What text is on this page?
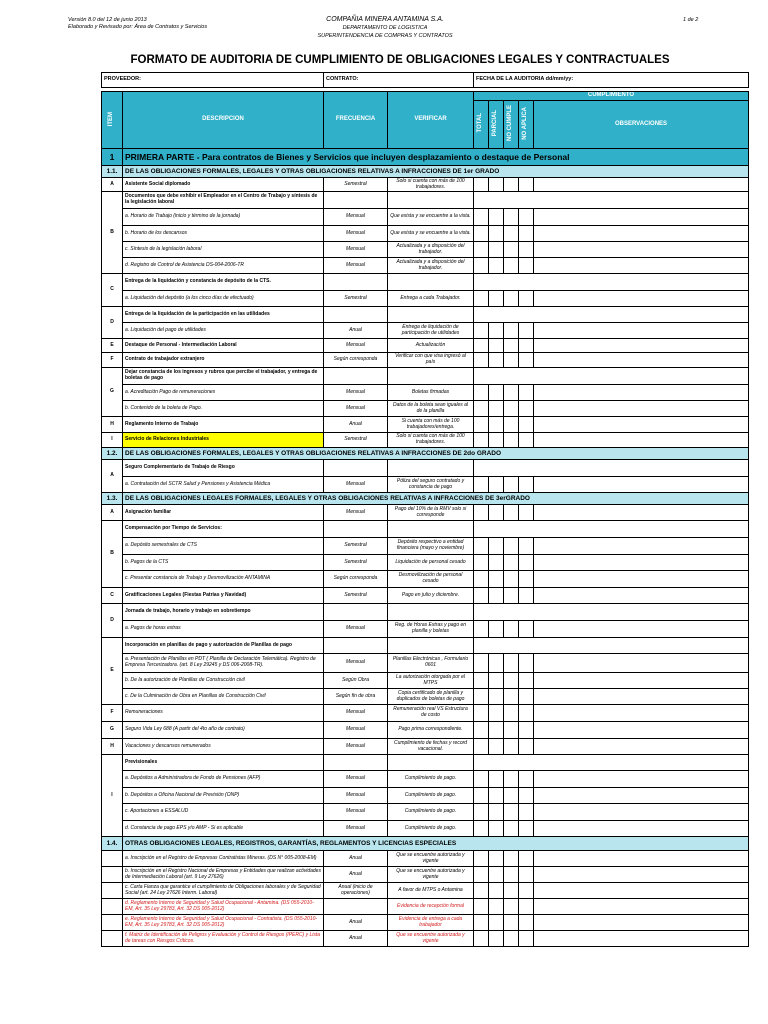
Versión 8.0 del 12 de junio 2013
Elaborado y Revisado por: Área de Contratos y Servicios
COMPAÑIA MINERA ANTAMINA S.A.
DEPARTAMENTO DE LOGISTICA
SUPERINTENDENCIA DE COMPRAS Y CONTRATOS
1 de 2
FORMATO DE AUDITORIA DE CUMPLIMIENTO DE OBLIGACIONES LEGALES Y CONTRACTUALES
PROVEEDOR:		CONTRATO:		FECHA DE LA AUDITORIA dd/mm/yy:				

ITEM	DESCRIPCION	FRECUENCIA	VERIFICAR	CUMPLIMIENTO				
				TOTAL	PARCIAL	NO CUMPLE	NO APLICA	OBSERVACIONES
1	PRIMERA PARTE - Para contratos de Bienes y Servicios que incluyen desplazamiento o destaque de Personal							
1.1.	DE LAS OBLIGACIONES FORMALES, LEGALES Y OTRAS OBLIGACIONES RELATIVAS A INFRACCIONES DE 1er GRADO							
A	Asistente Social diplomado	Semestral	Solo si cuenta con más de 100 trabajadores.					
B	Documentos que debe exhibir el Empleador en el Centro de Trabajo y síntesis de la legislación laboral							
	a. Horario de Trabajo (inicio y término de la jornada)	Mensual	Que exista y se encuentre a la vista.					
	b. Horario de los descansos	Mensual	Que exista y se encuentre a la vista.					
	c. Síntesis de la legislación laboral	Mensual	Actualizada y a disposición del trabajador.					
	d. Registro de Control de Asistencia DS-004-2006-TR	Mensual	Actualizada y a disposición del trabajador.					
C	Entrega de la liquidación y constancia de depósito de la CTS.							
	a. Liquidación del depósito (a los cinco días de efectuado)	Semestral	Entrega a cada Trabajador.					
D	Entrega de la liquidación de la participación en las utilidades							
	a. Liquidación del pago de utilidades	Anual	Entrega de liquidación de participación de utilidades					
E	Destaque de Personal - Intermediación Laboral	Mensual	Actualización					
F	Contrato de trabajador extranjero	Según corresponda	Verificar con que visa ingresó al país					
G	Dejar constancia de los ingresos y rubros que percibe el trabajador, y entrega de boletas de pago							
	a. Acreditación Pago de remuneraciones	Mensual	Boletas firmadas					
	b. Contenido de la boleta de Pago.	Mensual	Datos de la boleta sean iguales al de la planilla					
H	Reglamento Interno de Trabajo	Anual	Si cuenta con más de 100 trabajadores/entrega.					
I	Servicio de Relaciones Industriales	Semestral	Solo si cuenta con más de 100 trabajadores.					
1.2.	DE LAS OBLIGACIONES FORMALES, LEGALES Y OTRAS OBLIGACIONES RELATIVAS A INFRACCIONES DE 2do GRADO							
A	Seguro Complementario de Trabajo de Riesgo							
	a. Contratación del SCTR Salud y Pensiones y Asistencia Médica	Mensual	Póliza del seguro contratado y constancia de pago					
1.3.	DE LAS OBLIGACIONES LEGALES FORMALES, LEGALES Y OTRAS OBLIGACIONES RELATIVAS A INFRACCIONES DE 3erGRADO							
A	Asignación familiar	Mensual	Pago del 10% de la RMV solo si corresponde					
B	Compensación por Tiempo de Servicios:							
	a. Depósito semestrales de CTS	Semestral	Depósito respectivo a entidad financiera (mayo y noviembre)					
	b. Pagos de la CTS	Semestral	Liquidación de personal cesado					
	c. Presentar constancia de Trabajo y Desmovilización ANTAMINA	Según corresponda	Desmovilización de personal cesado					
C	Gratificaciones Legales (Fiestas Patrias y Navidad)	Semestral	Pago en julio y diciembre.					
D	Jornada de trabajo, horario y trabajo en sobretiempo							
	a. Pagos de horas extras	Mensual	Reg. de Horas Extras y pago en planilla y boletas					
E	Incorporación en planillas de pago y autorización de Planillas de pago							
	a. Presentación de Planillas en PDT ( Planilla de Declaración Telemática). Registro de Empresa Tercerizadora. (art. 8 Ley 29245 y DS 006-2008-TR).	Mensual	Planillas Electrónicas , Formulario 0601					
	b. De la autorización de Planillas de Construcción civil	Según Obra	La autorización otorgada por el MTPS					
	c. De la Culminación de Obra en Planillas de Construcción Civil	Según fin de obra	Copia certificado de planilla y duplicados de boletas de pago					
F	Remuneraciones	Mensual	Remuneración real VS Estructura de costo					
G	Seguro Vida Ley 688 (A partir del 4to año de contrato)	Mensual	Pago prima correspondiente.					
H	Vacaciones y descansos remunerados	Mensual	Cumplimiento de fechas y record vacacional.					
I	Previsionales							
	a. Depósitos a Administradora de Fondo de Pensiones (AFP)	Mensual	Cumplimiento de pago.					
	b. Depósitos a Oficina Nacional de Previsión (ONP)	Mensual	Cumplimiento de pago.					
	c. Aportaciones a ESSALUD	Mensual	Cumplimiento de pago.					
	d. Constancia de pago EPS y/o AMP - Si es aplicable	Mensual	Cumplimiento de pago.					
1.4.	OTRAS OBLIGACIONES LEGALES, REGISTROS, GARANTÍAS, REGLAMENTOS Y LICENCIAS ESPECIALES							
	a. Inscripción en el Registro de Empresas Contratistas Mineras. (DS N° 005-2008-EM)	Anual	Que se encuentre autorizada y vigente					
	b. Inscripción en el Registro Nacional de Empresas y Entidades que realizan actividades de Intermediación Laboral (art. 9 Ley 27626)	Anual	Que se encuentre autorizada y vigente					
	c. Carta Fianza que garantice el cumplimiento de Obligaciones laborales y de Seguridad Social (art. 24 Ley 27626 Interm. Laboral)	Anual (inicio de operaciones)	A favor de MTPS o Antamina					
	d. Reglamento Interno de Seguridad y Salud Ocupacional - Antamina. (DS 055-2010-EM, Art. 35 Ley 29783, Art. 32 DS 005-2012)		Evidencia de recepción formal					
	e. Reglamento Interno de Seguridad y Salud Ocupacional - Contratista. (DS 055-2010-EM, Art. 35 Ley 29783, Art. 32 DS 005-2012)	Anual	Evidencia de entrega a cada trabajador					
	f. Matriz de Identificación de Peligros y Evaluación y Control de Riesgos (IPERC) y Lista de tareas con Riesgos Críticos.	Anual	Que se encuentre autorizada y vigente					
